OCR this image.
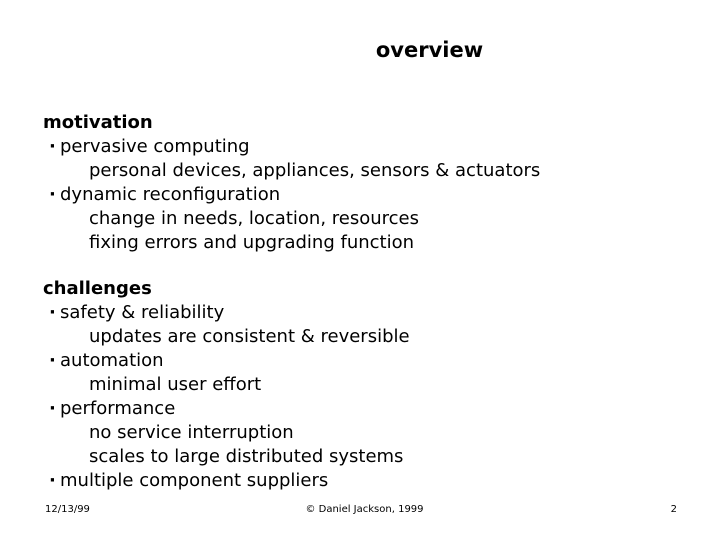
overview
motivation
· pervasive computing
personal devices, appliances, sensors & actuators
· dynamic reconfiguration
change in needs, location, resources
fixing errors and upgrading function
challenges
· safety & reliability
updates are consistent & reversible
· automation
minimal user effort
· performance
no service interruption
scales to large distributed systems
· multiple component suppliers
12/13/99	© Daniel Jackson, 1999	2
